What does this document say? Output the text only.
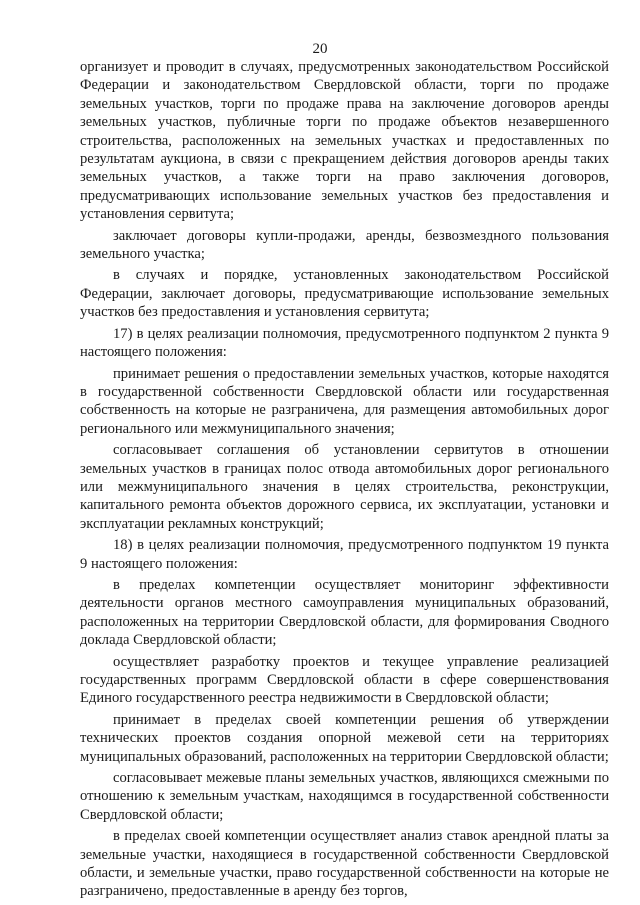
20

организует и проводит в случаях, предусмотренных законодательством Российской Федерации и законодательством Свердловской области, торги по продаже земельных участков, торги по продаже права на заключение договоров аренды земельных участков, публичные торги по продаже объектов незавершенного строительства, расположенных на земельных участках и предоставленных по результатам аукциона, в связи с прекращением действия договоров аренды таких земельных участков, а также торги на право заключения договоров, предусматривающих использование земельных участков без предоставления и установления сервитута;

заключает договоры купли-продажи, аренды, безвозмездного пользования земельного участка;

в случаях и порядке, установленных законодательством Российской Федерации, заключает договоры, предусматривающие использование земельных участков без предоставления и установления сервитута;

17) в целях реализации полномочия, предусмотренного подпунктом 2 пункта 9 настоящего положения:

принимает решения о предоставлении земельных участков, которые находятся в государственной собственности Свердловской области или государственная собственность на которые не разграничена, для размещения автомобильных дорог регионального или межмуниципального значения;

согласовывает соглашения об установлении сервитутов в отношении земельных участков в границах полос отвода автомобильных дорог регионального или межмуниципального значения в целях строительства, реконструкции, капитального ремонта объектов дорожного сервиса, их эксплуатации, установки и эксплуатации рекламных конструкций;

18) в целях реализации полномочия, предусмотренного подпунктом 19 пункта 9 настоящего положения:

в пределах компетенции осуществляет мониторинг эффективности деятельности органов местного самоуправления муниципальных образований, расположенных на территории Свердловской области, для формирования Сводного доклада Свердловской области;

осуществляет разработку проектов и текущее управление реализацией государственных программ Свердловской области в сфере совершенствования Единого государственного реестра недвижимости в Свердловской области;

принимает в пределах своей компетенции решения об утверждении технических проектов создания опорной межевой сети на территориях муниципальных образований, расположенных на территории Свердловской области;

согласовывает межевые планы земельных участков, являющихся смежными по отношению к земельным участкам, находящимся в государственной собственности Свердловской области;

в пределах своей компетенции осуществляет анализ ставок арендной платы за земельные участки, находящиеся в государственной собственности Свердловской области, и земельные участки, право государственной собственности на которые не разграничено, предоставленные в аренду без торгов,
